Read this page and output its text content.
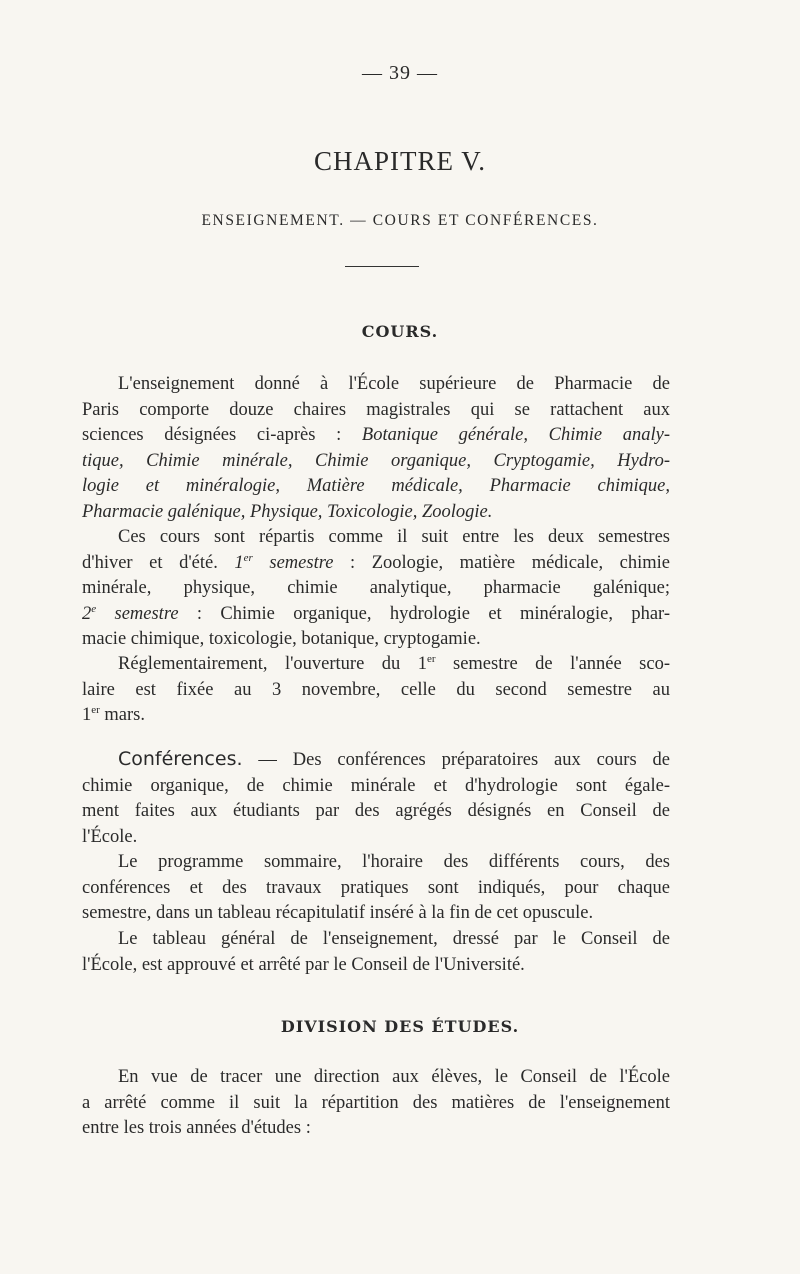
— 39 —
CHAPITRE V.
ENSEIGNEMENT. — COURS ET CONFÉRENCES.
COURS.
L'enseignement donné à l'École supérieure de Pharmacie de
Paris comporte douze chaires magistrales qui se rattachent aux
sciences désignées ci-après : Botanique générale, Chimie analy-
tique, Chimie minérale, Chimie organique, Cryptogamie, Hydro-
logie et minéralogie, Matière médicale, Pharmacie chimique,
Pharmacie galénique, Physique, Toxicologie, Zoologie.
Ces cours sont répartis comme il suit entre les deux semestres
d'hiver et d'été. 1er semestre : Zoologie, matière médicale, chimie
minérale, physique, chimie analytique, pharmacie galénique;
2e semestre : Chimie organique, hydrologie et minéralogie, phar-
macie chimique, toxicologie, botanique, cryptogamie.
Réglementairement, l'ouverture du 1er semestre de l'année sco-
laire est fixée au 3 novembre, celle du second semestre au
1er mars.
Conférences. — Des conférences préparatoires aux cours de
chimie organique, de chimie minérale et d'hydrologie sont égale-
ment faites aux étudiants par des agrégés désignés en Conseil de
l'École.
Le programme sommaire, l'horaire des différents cours, des
conférences et des travaux pratiques sont indiqués, pour chaque
semestre, dans un tableau récapitulatif inséré à la fin de cet opuscule.
Le tableau général de l'enseignement, dressé par le Conseil de
l'École, est approuvé et arrêté par le Conseil de l'Université.
DIVISION DES ÉTUDES.
En vue de tracer une direction aux élèves, le Conseil de l'École
a arrêté comme il suit la répartition des matières de l'enseignement
entre les trois années d'études :
